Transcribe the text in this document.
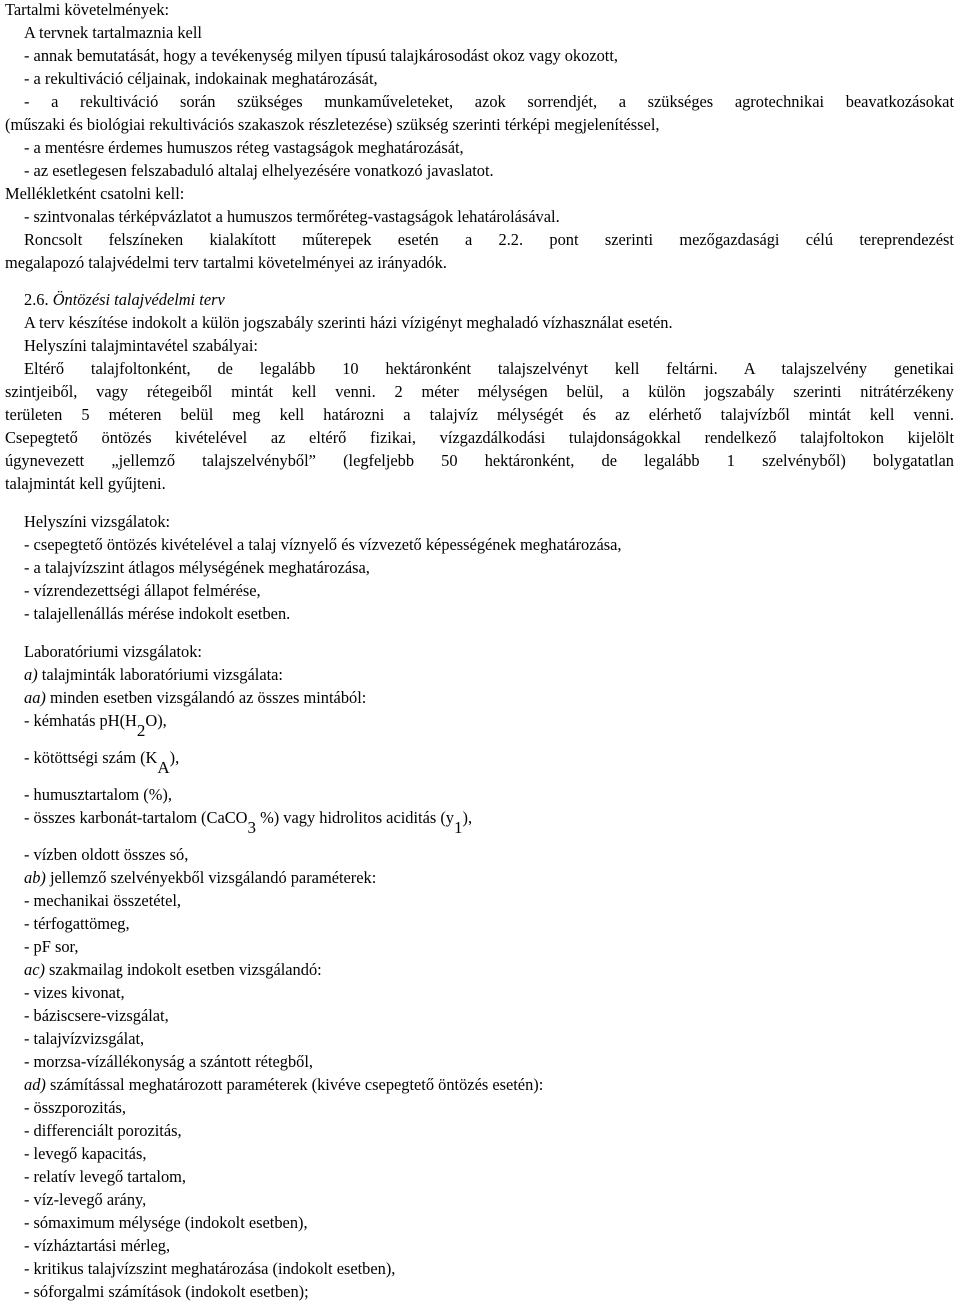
Tartalmi követelmények:
A tervnek tartalmaznia kell
- annak bemutatását, hogy a tevékenység milyen típusú talajkárosodást okoz vagy okozott,
- a rekultiváció céljainak, indokainak meghatározását,
- a rekultiváció során szükséges munkaműveleteket, azok sorrendjét, a szükséges agrotechnikai beavatkozásokat
(műszaki és biológiai rekultivációs szakaszok részletezése) szükség szerinti térképi megjelenítéssel,
- a mentésre érdemes humuszos réteg vastagságok meghatározását,
- az esetlegesen felszabaduló altalaj elhelyezésére vonatkozó javaslatot.
Mellékletként csatolni kell:
- szintvonalas térképvázlatot a humuszos termőréteg-vastagságok lehatárolásával.
Roncsolt felszíneken kialakított műterepek esetén a 2.2. pont szerinti mezőgazdasági célú tereprendezést
megalapozó talajvédelmi terv tartalmi követelményei az irányadók.
2.6. Öntözési talajvédelmi terv
A terv készítése indokolt a külön jogszabály szerinti házi vízigényt meghaladó vízhasználat esetén.
Helyszíni talajmintavétel szabályai:
Eltérő talajfoltonként, de legalább 10 hektáronként talajszelvényt kell feltárni. A talajszelvény genetikai
szintjeiből, vagy rétegeiből mintát kell venni. 2 méter mélységen belül, a külön jogszabály szerinti nitrátérzékeny
területen 5 méteren belül meg kell határozni a talajvíz mélységét és az elérhető talajvízből mintát kell venni.
Csepegtető öntözés kivételével az eltérő fizikai, vízgazdálkodási tulajdonságokkal rendelkező talajfoltokon kijelölt
úgynevezett „jellemző talajszelvényből” (legfeljebb 50 hektáronként, de legalább 1 szelvényből) bolygatatlan
talajmintát kell gyűjteni.
Helyszíni vizsgálatok:
- csepegtető öntözés kivételével a talaj víznyelő és vízvezető képességének meghatározása,
- a talajvízszint átlagos mélységének meghatározása,
- vízrendezettségi állapot felmérése,
- talajellenállás mérése indokolt esetben.
Laboratóriumi vizsgálatok:
a) talajminták laboratóriumi vizsgálata:
aa) minden esetben vizsgálandó az összes mintából:
- kémhatás pH(H2O),
- kötöttségi szám (KA),
- humusztartalom (%),
- összes karbonát-tartalom (CaCO3 %) vagy hidrolitos aciditás (y1),
- vízben oldott összes só,
ab) jellemző szelvényekből vizsgálandó paraméterek:
- mechanikai összetétel,
- térfogattömeg,
- pF sor,
ac) szakmailag indokolt esetben vizsgálandó:
- vizes kivonat,
- báziscsere-vizsgálat,
- talajvízvizsgálat,
- morzsa-vízállékonyság a szántott rétegből,
ad) számítással meghatározott paraméterek (kivéve csepegtető öntözés esetén):
- összporozitás,
- differenciált porozitás,
- levegő kapacitás,
- relatív levegő tartalom,
- víz-levegő arány,
- sómaximum mélysége (indokolt esetben),
- vízháztartási mérleg,
- kritikus talajvízszint meghatározása (indokolt esetben),
- sóforgalmi számítások (indokolt esetben);
